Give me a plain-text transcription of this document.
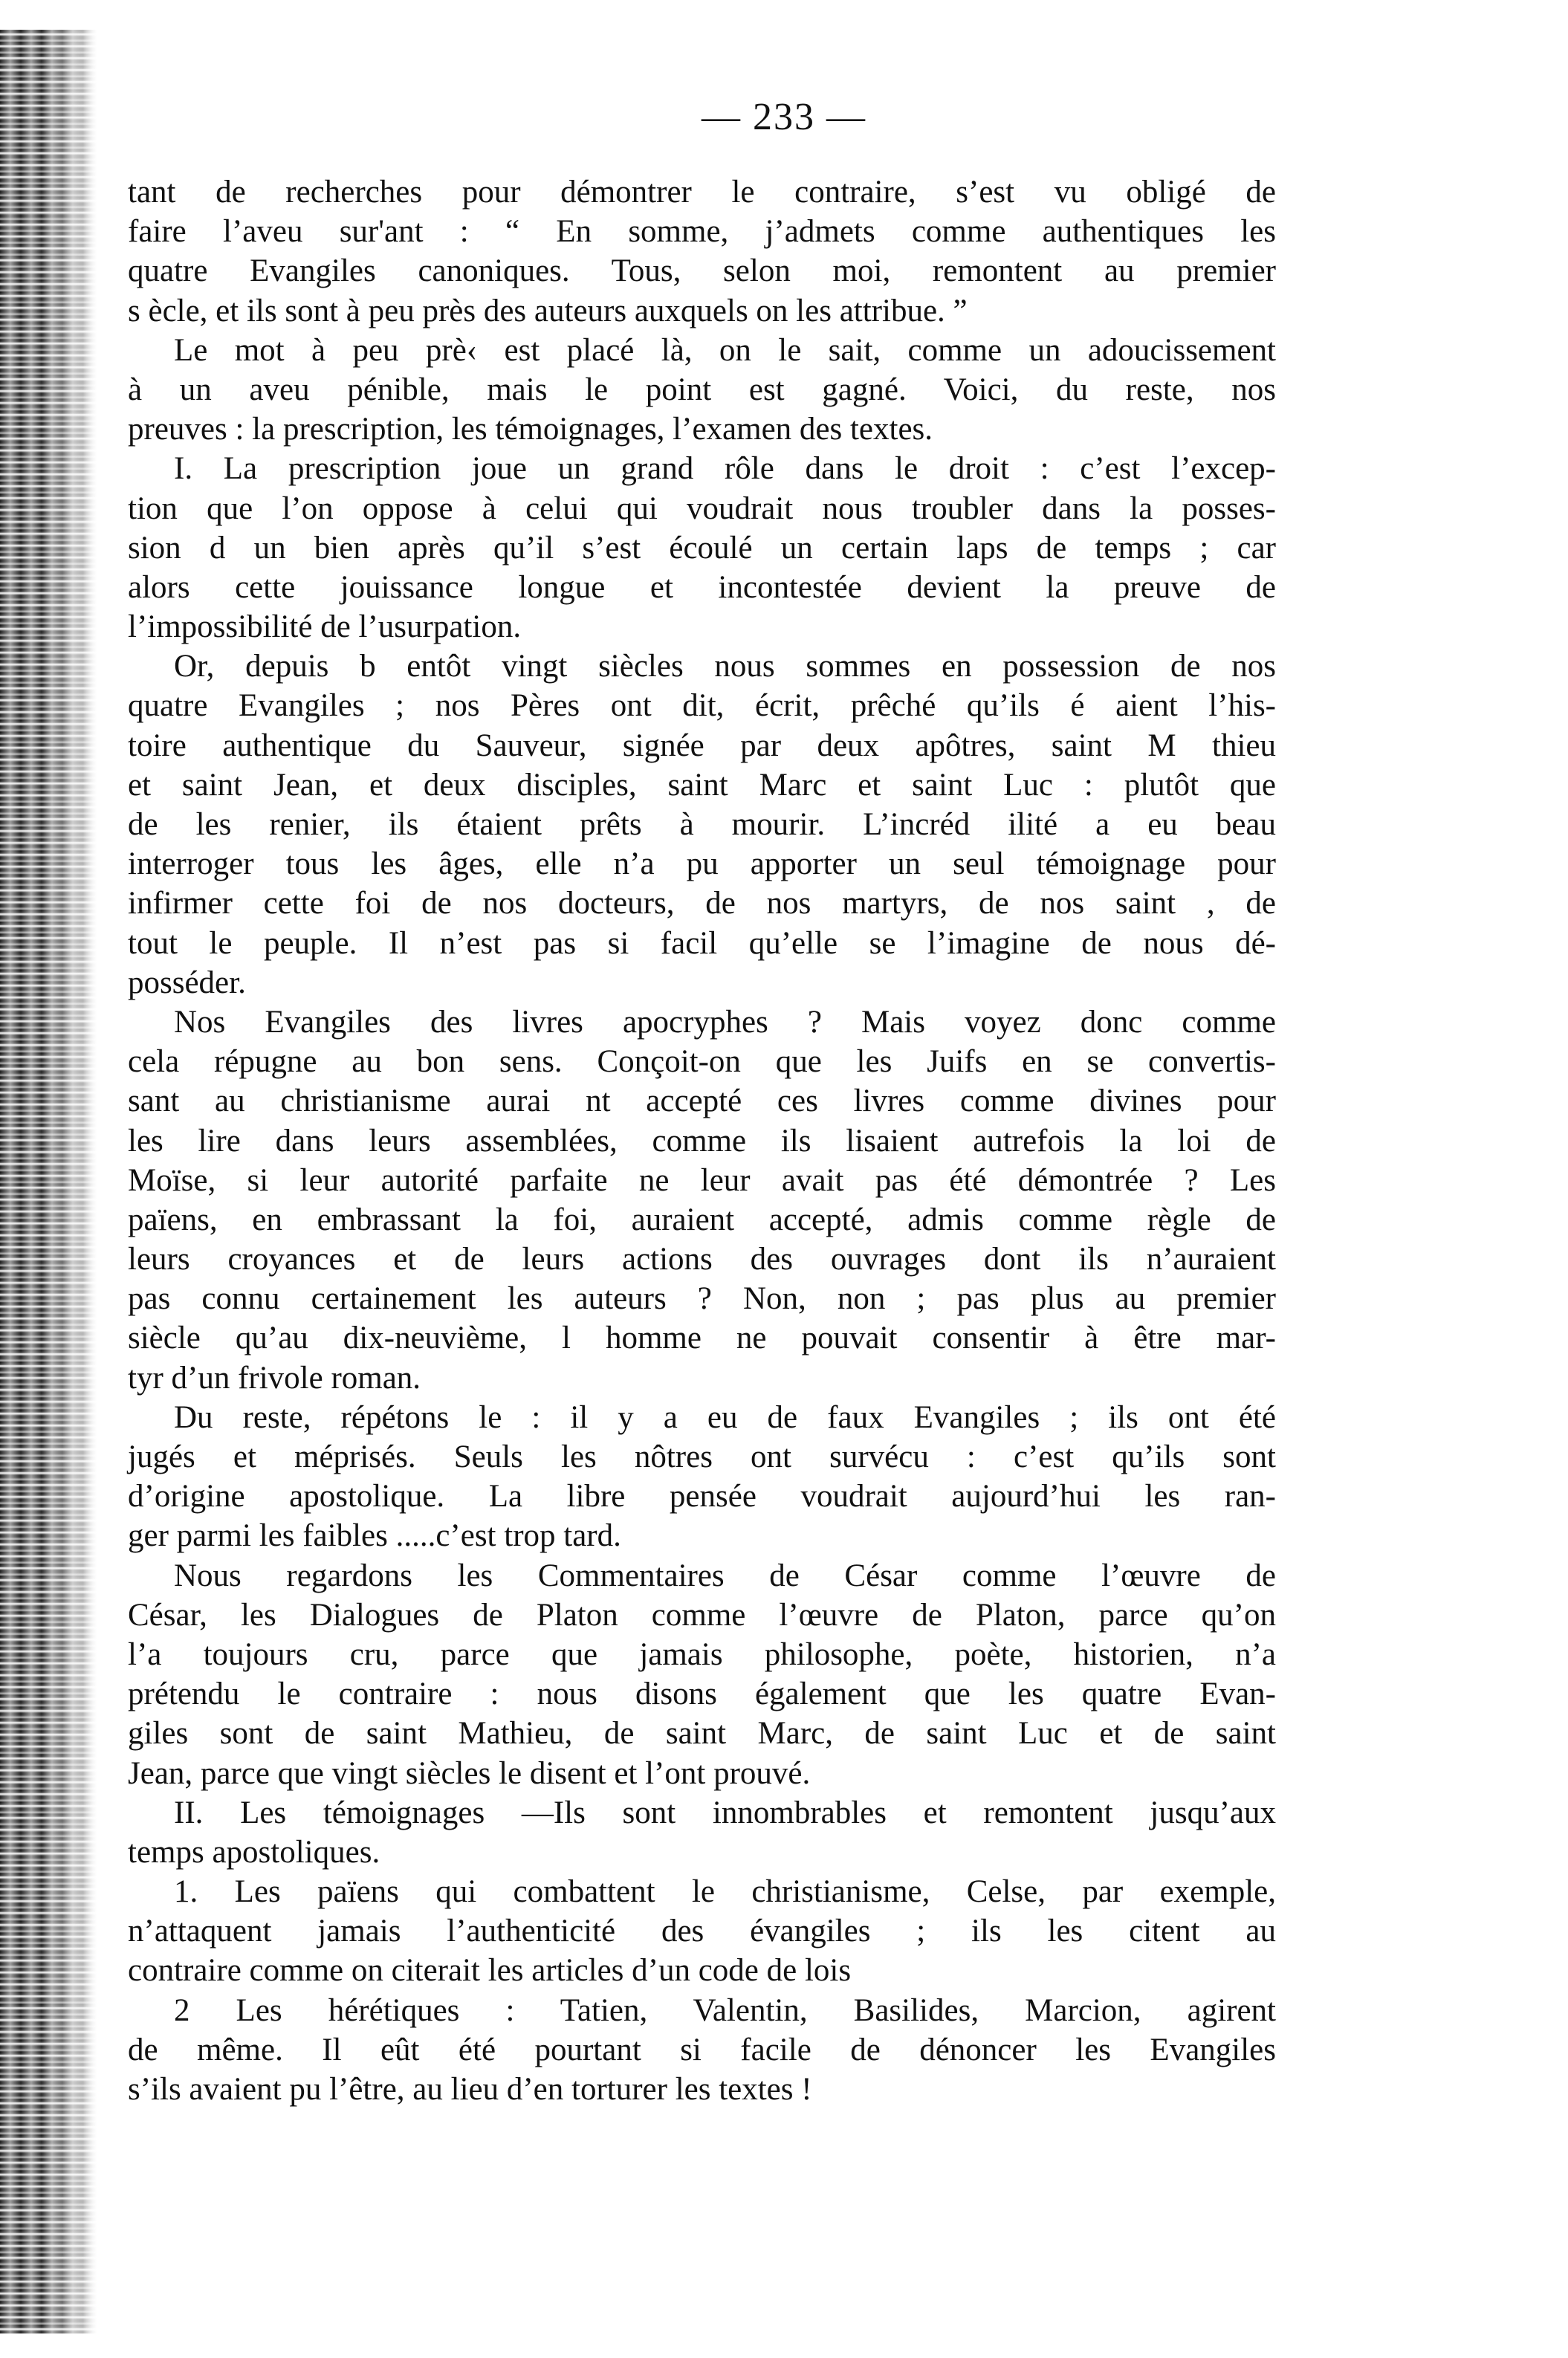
— 233 —
tant de recherches pour démontrer le contraire, s’est vu obligé de
faire l’aveu sur'ant : “ En somme, j’admets comme authentiques les
quatre Evangiles canoniques. Tous, selon moi, remontent au premier
s ècle, et ils sont à peu près des auteurs auxquels on les attribue. ”
Le mot à peu prè‹ est placé là, on le sait, comme un adoucissement
à un aveu pénible, mais le point est gagné. Voici, du reste, nos
preuves : la prescription, les témoignages, l’examen des textes.
I. La prescription joue un grand rôle dans le droit : c’est l’excep-
tion que l’on oppose à celui qui voudrait nous troubler dans la posses-
sion d un bien après qu’il s’est écoulé un certain laps de temps ; car
alors cette jouissance longue et incontestée devient la preuve de
l’impossibilité de l’usurpation.
Or, depuis b entôt vingt siècles nous sommes en possession de nos
quatre Evangiles ; nos Pères ont dit, écrit, prêché qu’ils é aient l’his-
toire authentique du Sauveur, signée par deux apôtres, saint M thieu
et saint Jean, et deux disciples, saint Marc et saint Luc : plutôt que
de les renier, ils étaient prêts à mourir. L’incréd ilité a eu beau
interroger tous les âges, elle n’a pu apporter un seul témoignage pour
infirmer cette foi de nos docteurs, de nos martyrs, de nos saint , de
tout le peuple. Il n’est pas si facil qu’elle se l’imagine de nous dé-
posséder.
Nos Evangiles des livres apocryphes ? Mais voyez donc comme
cela répugne au bon sens. Conçoit-on que les Juifs en se convertis-
sant au christianisme aurai nt accepté ces livres comme divines pour
les lire dans leurs assemblées, comme ils lisaient autrefois la loi de
Moïse, si leur autorité parfaite ne leur avait pas été démontrée ? Les
païens, en embrassant la foi, auraient accepté, admis comme règle de
leurs croyances et de leurs actions des ouvrages dont ils n’auraient
pas connu certainement les auteurs ? Non, non ; pas plus au premier
siècle qu’au dix-neuvième, l homme ne pouvait consentir à être mar-
tyr d’un frivole roman.
Du reste, répétons le : il y a eu de faux Evangiles ; ils ont été
jugés et méprisés. Seuls les nôtres ont survécu : c’est qu’ils sont
d’origine apostolique. La libre pensée voudrait aujourd’hui les ran-
ger parmi les faibles .....c’est trop tard.
Nous regardons les Commentaires de César comme l’œuvre de
César, les Dialogues de Platon comme l’œuvre de Platon, parce qu’on
l’a toujours cru, parce que jamais philosophe, poète, historien, n’a
prétendu le contraire : nous disons également que les quatre Evan-
giles sont de saint Mathieu, de saint Marc, de saint Luc et de saint
Jean, parce que vingt siècles le disent et l’ont prouvé.
II. Les témoignages —Ils sont innombrables et remontent jusqu’aux
temps apostoliques.
1. Les païens qui combattent le christianisme, Celse, par exemple,
n’attaquent jamais l’authenticité des évangiles ; ils les citent au
contraire comme on citerait les articles d’un code de lois
2 Les hérétiques : Tatien, Valentin, Basilides, Marcion, agirent
de même. Il eût été pourtant si facile de dénoncer les Evangiles
s’ils avaient pu l’être, au lieu d’en torturer les textes !
